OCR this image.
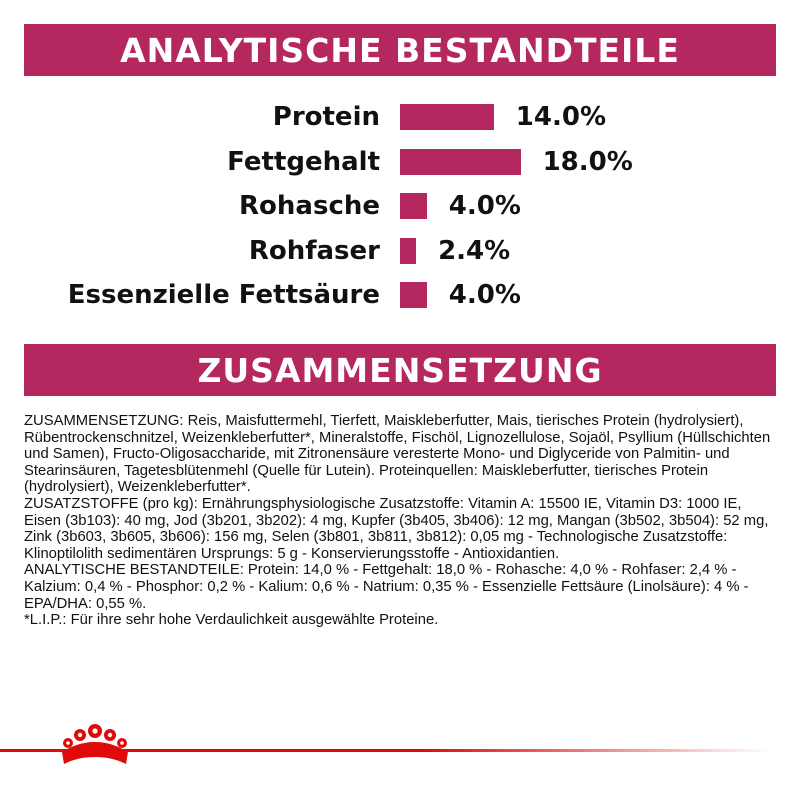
ANALYTISCHE BESTANDTEILE
Protein	14.0%
Fettgehalt	18.0%
Rohasche	4.0%
Rohfaser 2.4%
Essenzielle Fettsäure	4.0%
ZUSAMMENSETZUNG

ZUSAMMENSETZUNG: Reis, Maisfuttermehl, Tierfett, Maiskleberfutter, Mais, tierisches Protein (hydrolysiert), Rübentrockenschnitzel, Weizenkleberfutter*, Mineralstoffe, Fischöl, Lignozellulose, Sojaöl, Psyllium (Hüllschichten und Samen), Fructo-Oligosaccharide, mit Zitronensäure veresterte Mono- und Diglyceride von Palmitin- und Stearinsäuren, Tagetesblütenmehl (Quelle für Lutein). Proteinquellen: Maiskleberfutter, tierisches Protein (hydrolysiert), Weizenkleberfutter*.

ZUSATZSTOFFE (pro kg): Ernährungsphysiologische Zusatzstoffe: Vitamin A: 15500 IE, Vitamin D3: 1000 IE, Eisen (3b103): 40 mg, Jod (3b201, 3b202): 4 mg, Kupfer (3b405, 3b406): 12 mg, Mangan (3b502, 3b504): 52 mg, Zink (3b603, 3b605, 3b606): 156 mg, Selen (3b801, 3b811, 3b812): 0,05 mg - Technologische Zusatzstoffe: Klinoptilolith sedimentären Ursprungs: 5 g - Konservierungsstoffe - Antioxidantien.

ANALYTISCHE BESTANDTEILE: Protein: 14,0 % - Fettgehalt: 18,0 % - Rohasche: 4,0 % - Rohfaser: 2,4 % - Kalzium: 0,4 % - Phosphor: 0,2 % - Kalium: 0,6 % - Natrium: 0,35 % - Essenzielle Fettsäure (Linolsäure): 4 % - EPA/DHA: 0,55 %.

*L.I.P.: Für ihre sehr hohe Verdaulichkeit ausgewählte Proteine.
